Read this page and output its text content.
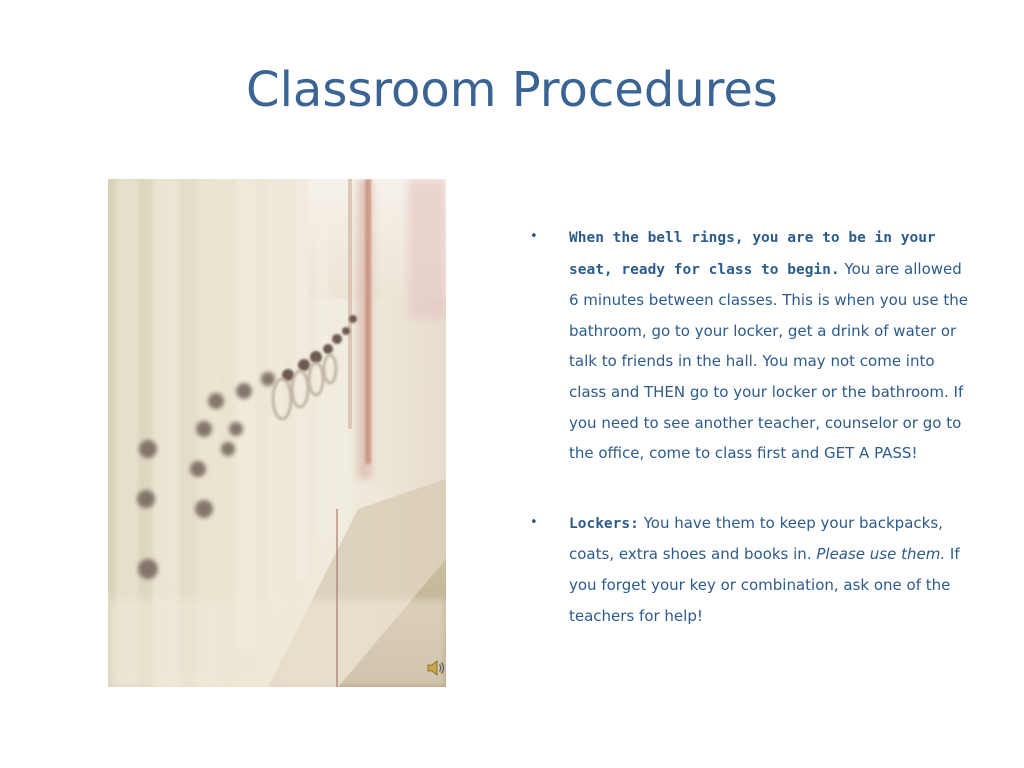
Classroom Procedures
• When the bell rings, you are to be in your seat, ready for class to begin. You are allowed 6 minutes between classes. This is when you use the bathroom, go to your locker, get a drink of water or talk to friends in the hall. You may not come into class and THEN go to your locker or the bathroom. If you need to see another teacher, counselor or go to the office, come to class first and GET A PASS!
• Lockers: You have them to keep your backpacks, coats, extra shoes and books in. Please use them. If you forget your key or combination, ask one of the teachers for help!
